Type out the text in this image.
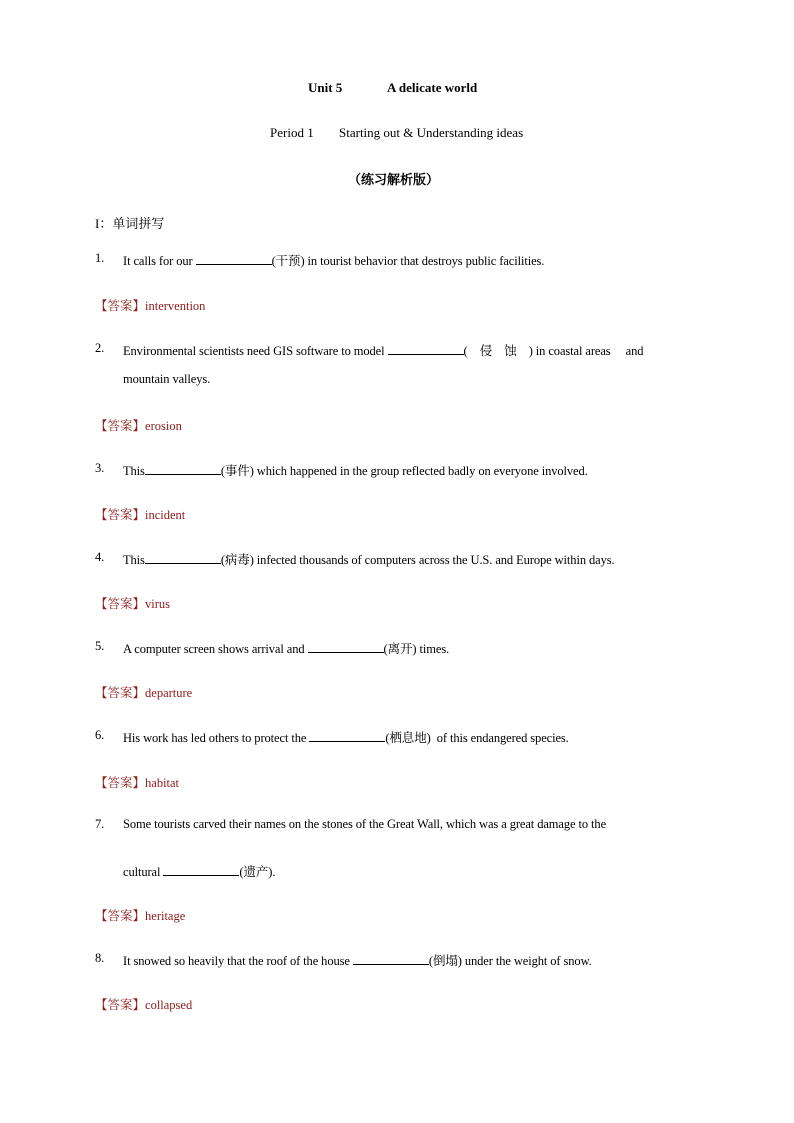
Unit 5	A delicate world
Period 1 Starting out & Understanding ideas
（练习解析版）
I：单词拼写
1. It calls for our	(干预) in tourist behavior that destroys public facilities.
【答案】intervention
2. Environmental scientists need GIS software to model	(    侵    蚀    ) in coastal areas     and
mountain valleys.
【答案】erosion
3. This	(事件) which happened in the group reflected badly on everyone involved.
【答案】incident
4. This	(病毒) infected thousands of computers across the U.S. and Europe within days.
【答案】virus
5. A computer screen shows arrival and	(离开) times.
【答案】departure
6. His work has led others to protect the	(栖息地)  of this endangered species.
【答案】habitat
7. Some tourists carved their names on the stones of the Great Wall, which was a great damage to the
cultural	(遗产).
【答案】heritage
8. It snowed so heavily that the roof of the house	(倒塌) under the weight of snow.
【答案】collapsed
